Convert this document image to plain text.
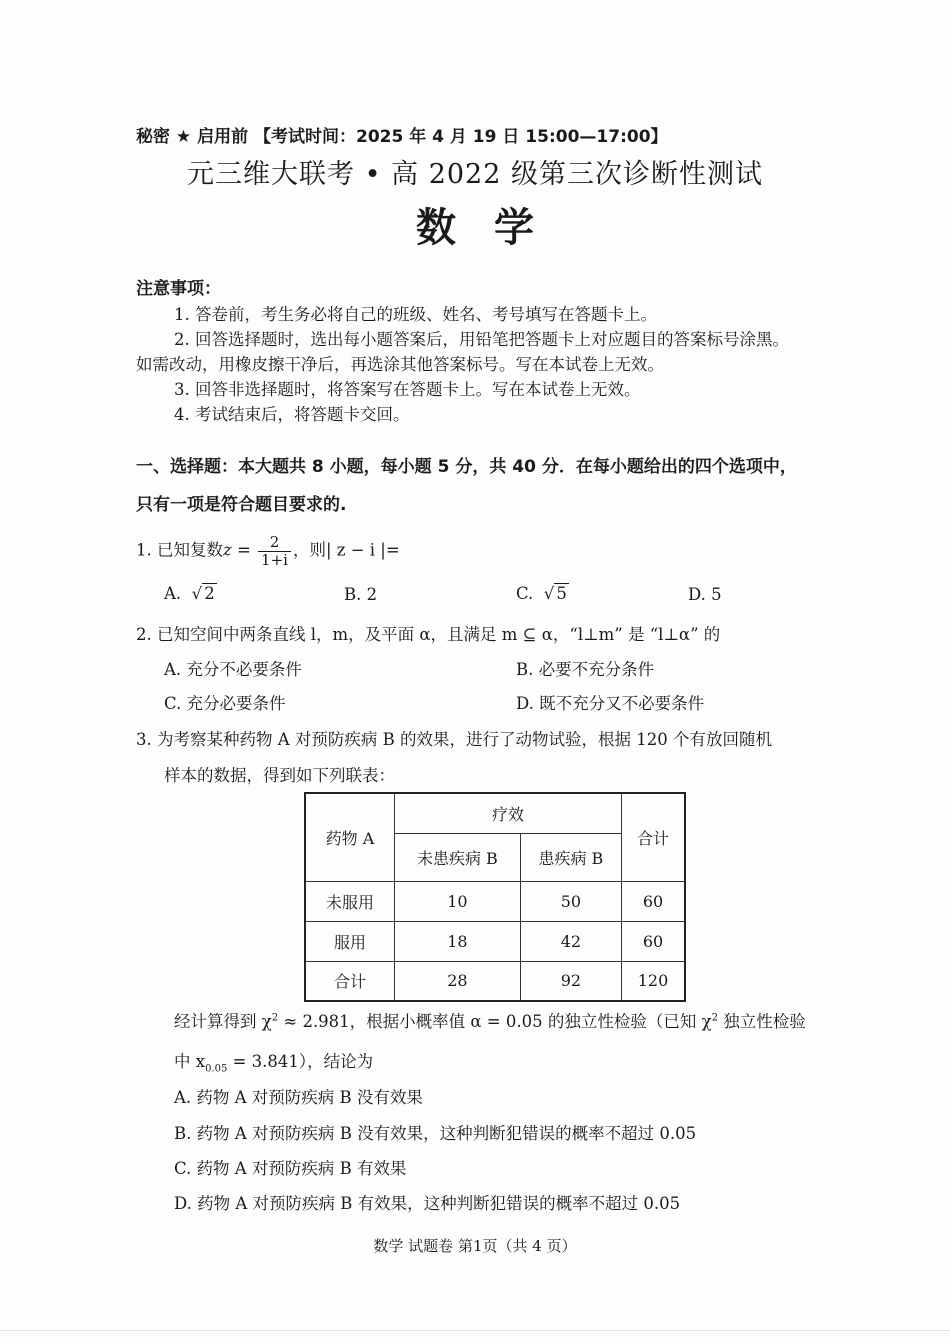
秘密 ★ 启用前 【考试时间：2025 年 4 月 19 日 15:00—17:00】
元三维大联考 • 高 2022 级第三次诊断性测试
数学
注意事项：
1. 答卷前，考生务必将自己的班级、姓名、考号填写在答题卡上。
2. 回答选择题时，选出每小题答案后，用铅笔把答题卡上对应题目的答案标号涂黑。
如需改动，用橡皮擦干净后，再选涂其他答案标号。写在本试卷上无效。
3. 回答非选择题时，将答案写在答题卡上。写在本试卷上无效。
4. 考试结束后，将答题卡交回。
一、选择题：本大题共 8 小题，每小题 5 分，共 40 分．在每小题给出的四个选项中，
只有一项是符合题目要求的.
1. 已知复数$z = \frac{2}{1+i}$ ，则| z − i |=
A. √ 2	B. 2	C. √ 5	D. 5
2. 已知空间中两条直线 l，m，及平面 α，且满足 m ⊆ α，“l⊥m” 是 “l⊥α” 的
A. 充分不必要条件	B. 必要不充分条件
C. 充分必要条件	D. 既不充分又不必要条件
3. 为考察某种药物 A 对预防疾病 B 的效果，进行了动物试验，根据 120 个有放回随机
样本的数据，得到如下列联表：
药物 A	疗效		合计
	未患疾病 B	患疾病 B	
未服用	10	50	60
服用	18	42	60
合计	28	92	120
经计算得到 $\chi^2 \approx 2.981$，根据小概率值 α = 0.05 的独立性检验（已知 $\chi^2$ 独立性检验
中 $x_{0.05} = 3.841$），结论为
A. 药物 A 对预防疾病 B 没有效果
B. 药物 A 对预防疾病 B 没有效果，这种判断犯错误的概率不超过 0.05
C. 药物 A 对预防疾病 B 有效果
D. 药物 A 对预防疾病 B 有效果，这种判断犯错误的概率不超过 0.05
数学 试题卷 第1页（共 4 页）
